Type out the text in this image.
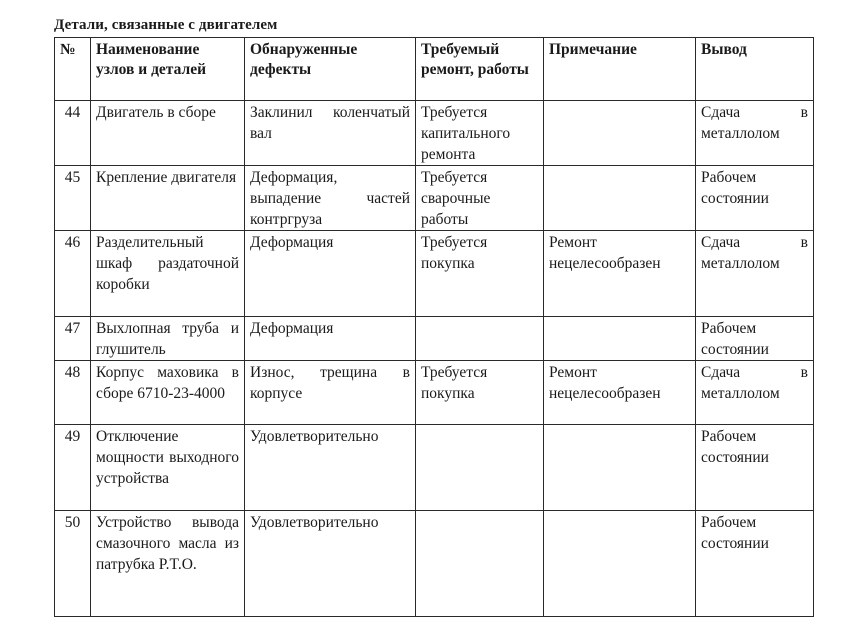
Детали, связанные с двигателем
№	Наименование узлов и деталей	Обнаруженные дефекты	Требуемый ремонт, работы	Примечание	Вывод
44	Двигатель в сборе	Заклинил коленчатый вал	Требуется капитального ремонта		Сдача в металлолом
45	Крепление двигателя	Деформация, выпадение частей контргруза	Требуется сварочные работы		Рабочем состоянии
46	Разделительный шкаф раздаточной коробки	Деформация	Требуется покупка	Ремонт нецелесообразен	Сдача в металлолом
47	Выхлопная труба и глушитель	Деформация			Рабочем состоянии
48	Корпус маховика в сборе 6710-23-4000	Износ, трещина в корпусе	Требуется покупка	Ремонт нецелесообразен	Сдача в металлолом
49	Отключение мощности выходного устройства	Удовлетворительно			Рабочем состоянии
50	Устройство вывода смазочного масла из патрубка P.T.O.	Удовлетворительно			Рабочем состоянии
